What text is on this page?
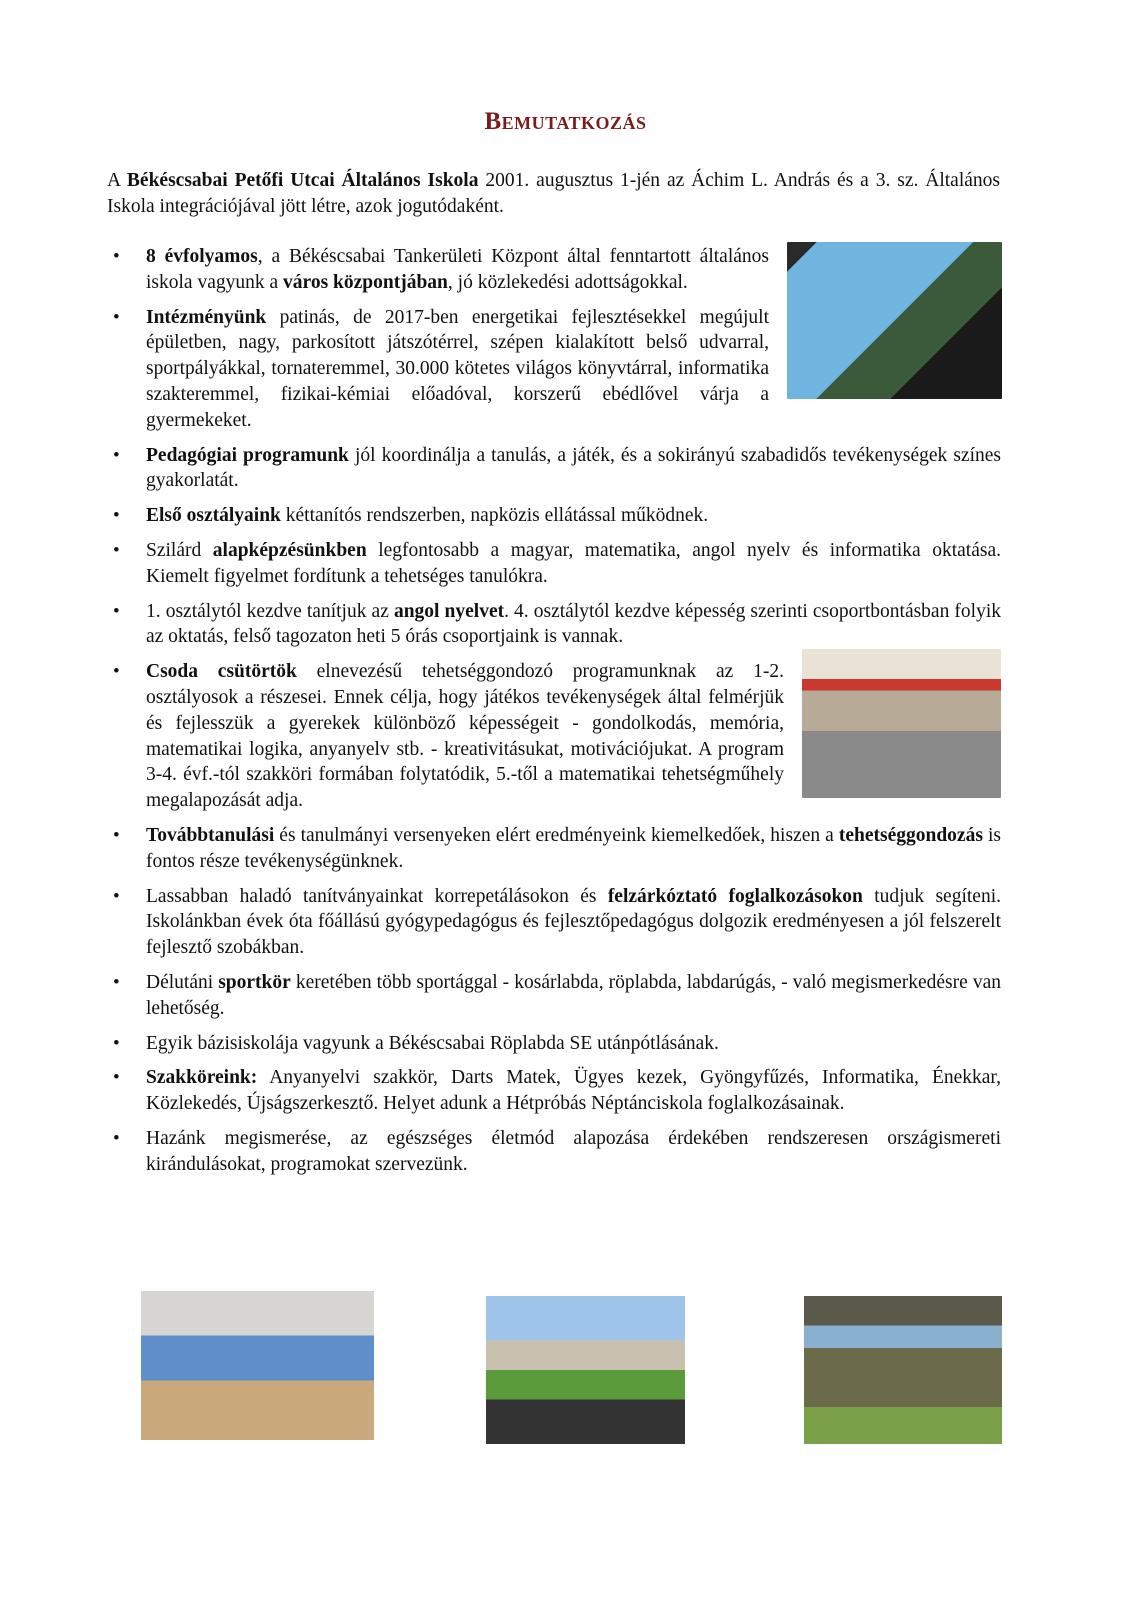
Bemutatkozás

A Békéscsabai Petőfi Utcai Általános Iskola 2001. augusztus 1-jén az Áchim L. András és a 3. sz. Általános Iskola integrációjával jött létre, azok jogutódaként.

• 8 évfolyamos, a Békéscsabai Tankerületi Központ által fenntartott általános iskola vagyunk a város központjában, jó közlekedési adottságokkal.
• Intézményünk patinás, de 2017-ben energetikai fejlesztésekkel megújult épületben, nagy, parkosított játszótérrel, szépen kialakított belső udvarral, sportpályákkal, tornateremmel, 30.000 kötetes világos könyvtárral, informatika szakteremmel, fizikai-kémiai előadóval, korszerű ebédlővel várja a gyermekeket.
• Pedagógiai programunk jól koordinálja a tanulás, a játék, és a sokirányú szabadidős tevékenységek színes gyakorlatát.
• Első osztályaink kéttanítós rendszerben, napközis ellátással működnek.
• Szilárd alapképzésünkben legfontosabb a magyar, matematika, angol nyelv és informatika oktatása. Kiemelt figyelmet fordítunk a tehetséges tanulókra.
• 1. osztálytól kezdve tanítjuk az angol nyelvet. 4. osztálytól kezdve képesség szerinti csoportbontásban folyik az oktatás, felső tagozaton heti 5 órás csoportjaink is vannak.
• Csoda csütörtök elnevezésű tehetséggondozó programunknak az 1-2. osztályosok a részesei. Ennek célja, hogy játékos tevékenységek által felmérjük és fejlesszük a gyerekek különböző képességeit - gondolkodás, memória, matematikai logika, anyanyelv stb. - kreativitásukat, motivációjukat. A program 3-4. évf.-tól szakköri formában folytatódik, 5.-től a matematikai tehetségműhely megalapozását adja.
• Továbbtanulási és tanulmányi versenyeken elért eredményeink kiemelkedőek, hiszen a tehetséggondozás is fontos része tevékenységünknek.
• Lassabban haladó tanítványainkat korrepetálásokon és felzárkóztató foglalkozásokon tudjuk segíteni. Iskolánkban évek óta főállású gyógypedagógus és fejlesztőpedagógus dolgozik eredményesen a jól felszerelt fejlesztő szobákban.
• Délutáni sportkör keretében több sportággal - kosárlabda, röplabda, labdarúgás, - való megismerkedésre van lehetőség.
• Egyik bázisiskolája vagyunk a Békéscsabai Röplabda SE utánpótlásának.
• Szakköreink: Anyanyelvi szakkör, Darts Matek, Ügyes kezek, Gyöngyfűzés, Informatika, Énekkar, Közlekedés, Újságszerkesztő. Helyet adunk a Hétpróbás Néptánciskola foglalkozásainak.
• Hazánk megismerése, az egészséges életmód alapozása érdekében rendszeresen országismereti kirándulásokat, programokat szervezünk.
